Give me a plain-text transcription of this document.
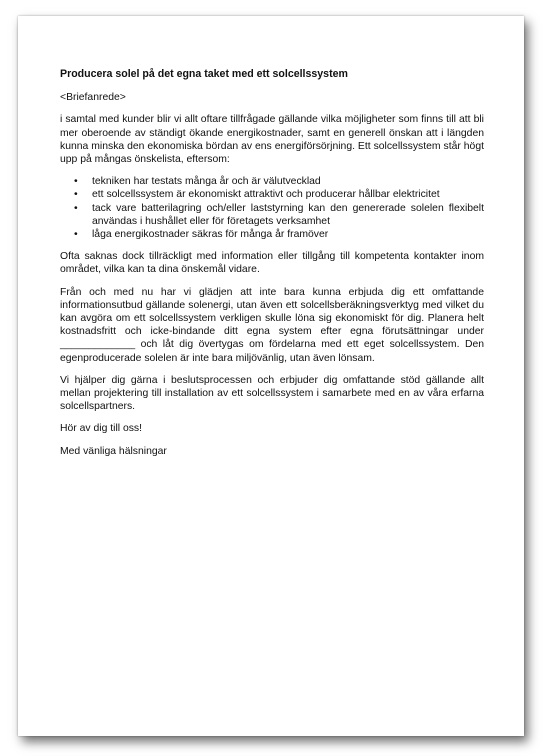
Producera solel på det egna taket med ett solcellssystem

<Briefanrede>

i samtal med kunder blir vi allt oftare tillfrågade gällande vilka möjligheter som finns till att bli mer oberoende av ständigt ökande energikostnader, samt en generell önskan att i längden kunna minska den ekonomiska bördan av ens energiförsörjning. Ett solcellssystem står högt upp på mångas önskelista, eftersom:

• tekniken har testats många år och är välutvecklad
• ett solcellssystem är ekonomiskt attraktivt och producerar hållbar elektricitet
• tack vare batterilagring och/eller laststyrning kan den genererade solelen flexibelt användas i hushållet eller för företagets verksamhet
• låga energikostnader säkras för många år framöver

Ofta saknas dock tillräckligt med information eller tillgång till kompetenta kontakter inom området, vilka kan ta dina önskemål vidare.

Från och med nu har vi glädjen att inte bara kunna erbjuda dig ett omfattande informationsutbud gällande solenergi, utan även ett solcellsberäkningsverktyg med vilket du kan avgöra om ett solcellssystem verkligen skulle löna sig ekonomiskt för dig. Planera helt kostnadsfritt och icke-bindande ditt egna system efter egna förutsättningar under _____________ och låt dig övertygas om fördelarna med ett eget solcellssystem. Den egenproducerade solelen är inte bara miljövänlig, utan även lönsam.

Vi hjälper dig gärna i beslutsprocessen och erbjuder dig omfattande stöd gällande allt mellan projektering till installation av ett solcellssystem i samarbete med en av våra erfarna solcellspartners.

Hör av dig till oss!

Med vänliga hälsningar
